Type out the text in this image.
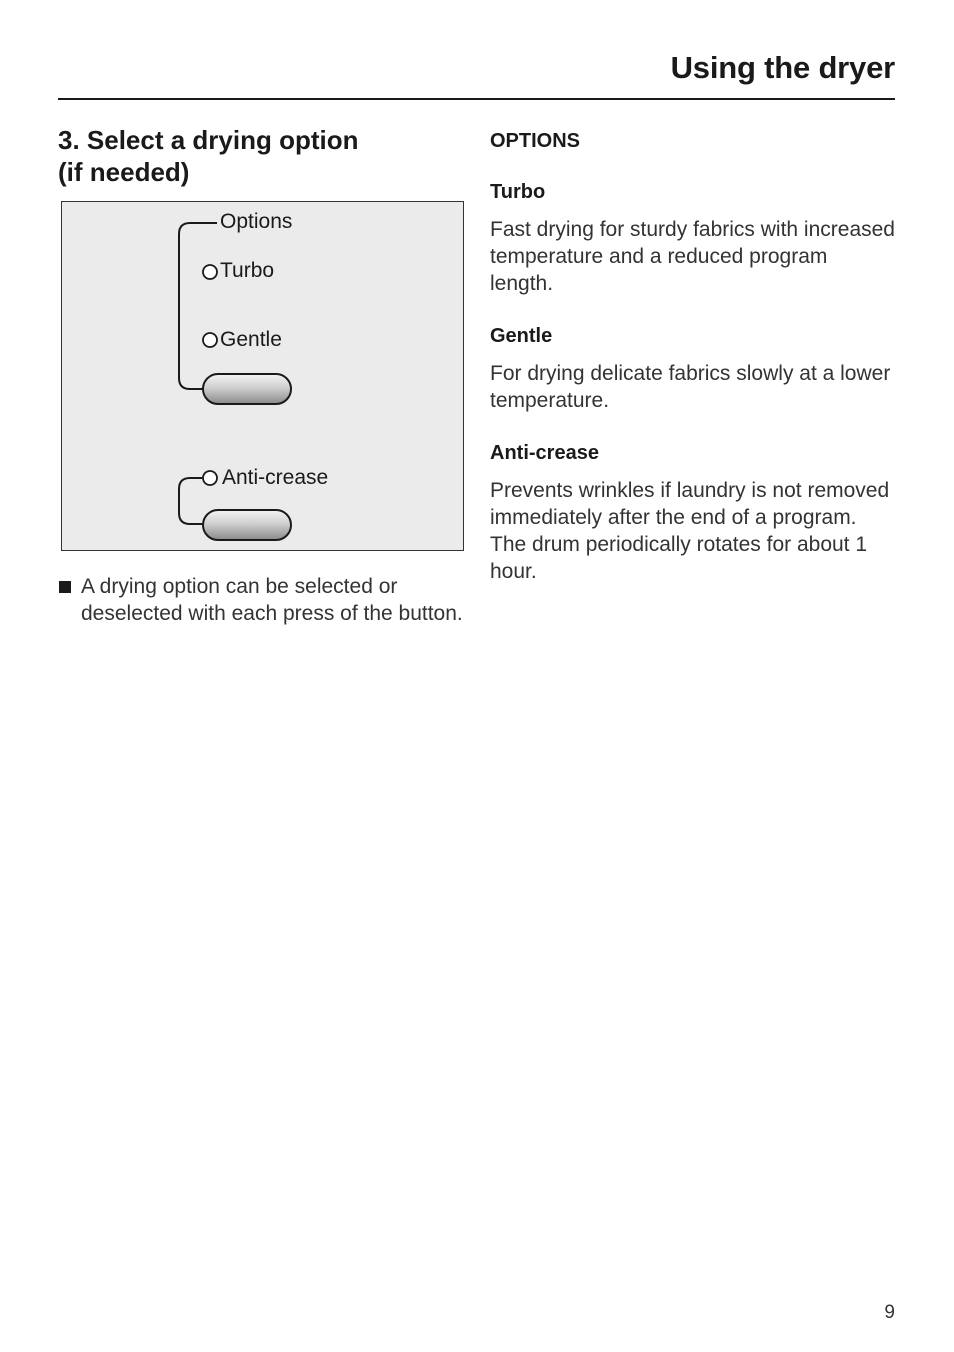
Using the dryer
3. Select a drying option
(if needed)
Options
Turbo
Gentle
Anti-crease
A drying option can be selected or deselected with each press of the button.
OPTIONS
Turbo

Fast drying for sturdy fabrics with increased temperature and a reduced program length.

Gentle

For drying delicate fabrics slowly at a lower temperature.

Anti-crease

Prevents wrinkles if laundry is not removed immediately after the end of a program. The drum periodically rotates for about 1 hour.

9
